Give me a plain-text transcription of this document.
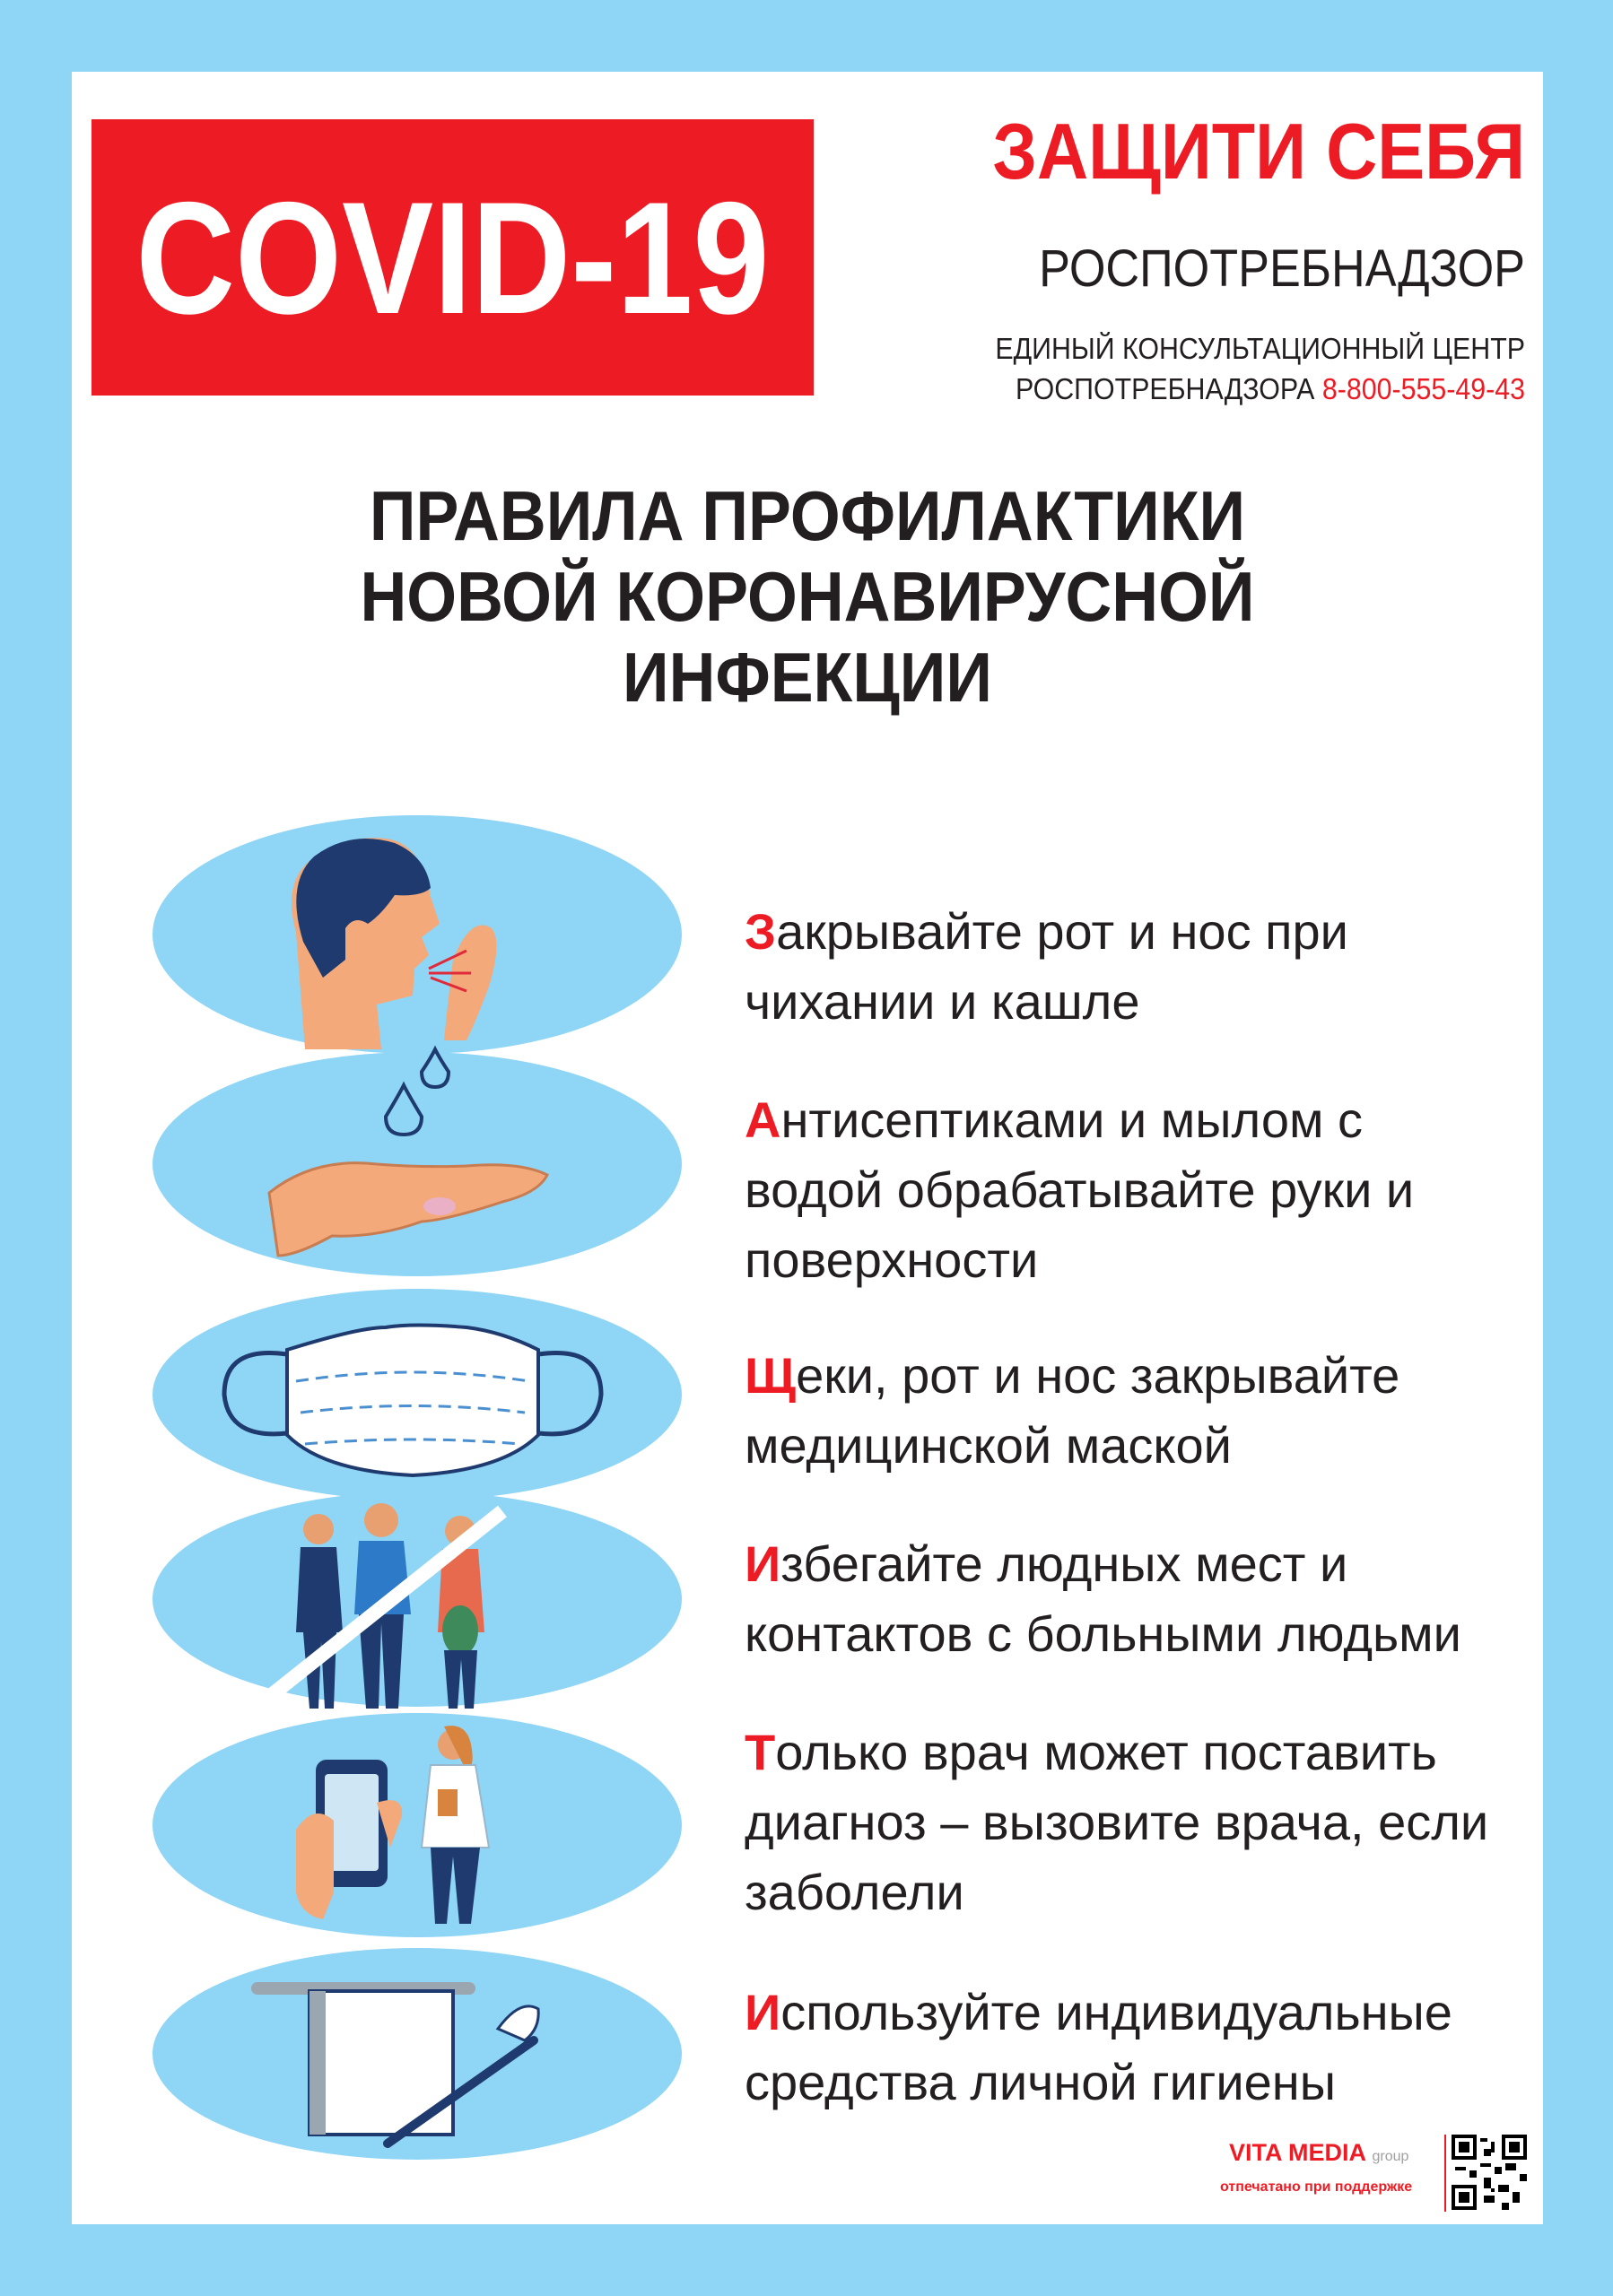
COVID-19
ЗАЩИТИ СЕБЯ
РОСПОТРЕБНАДЗОР
ЕДИНЫЙ КОНСУЛЬТАЦИОННЫЙ ЦЕНТР
РОСПОТРЕБНАДЗОРА 8-800-555-49-43
ПРАВИЛА ПРОФИЛАКТИКИ
НОВОЙ КОРОНАВИРУСНОЙ
ИНФЕКЦИИ
Закрывайте рот и нос при
чихании и кашле
Антисептиками и мылом с
водой обрабатывайте руки и
поверхности
Щеки, рот и нос закрывайте
медицинской маской
Избегайте людных мест и
контактов с больными людьми
Только врач может поставить
диагноз – вызовите врача, если
заболели
Используйте индивидуальные
средства личной гигиены
VITA MEDIA group
отпечатано при поддержке
